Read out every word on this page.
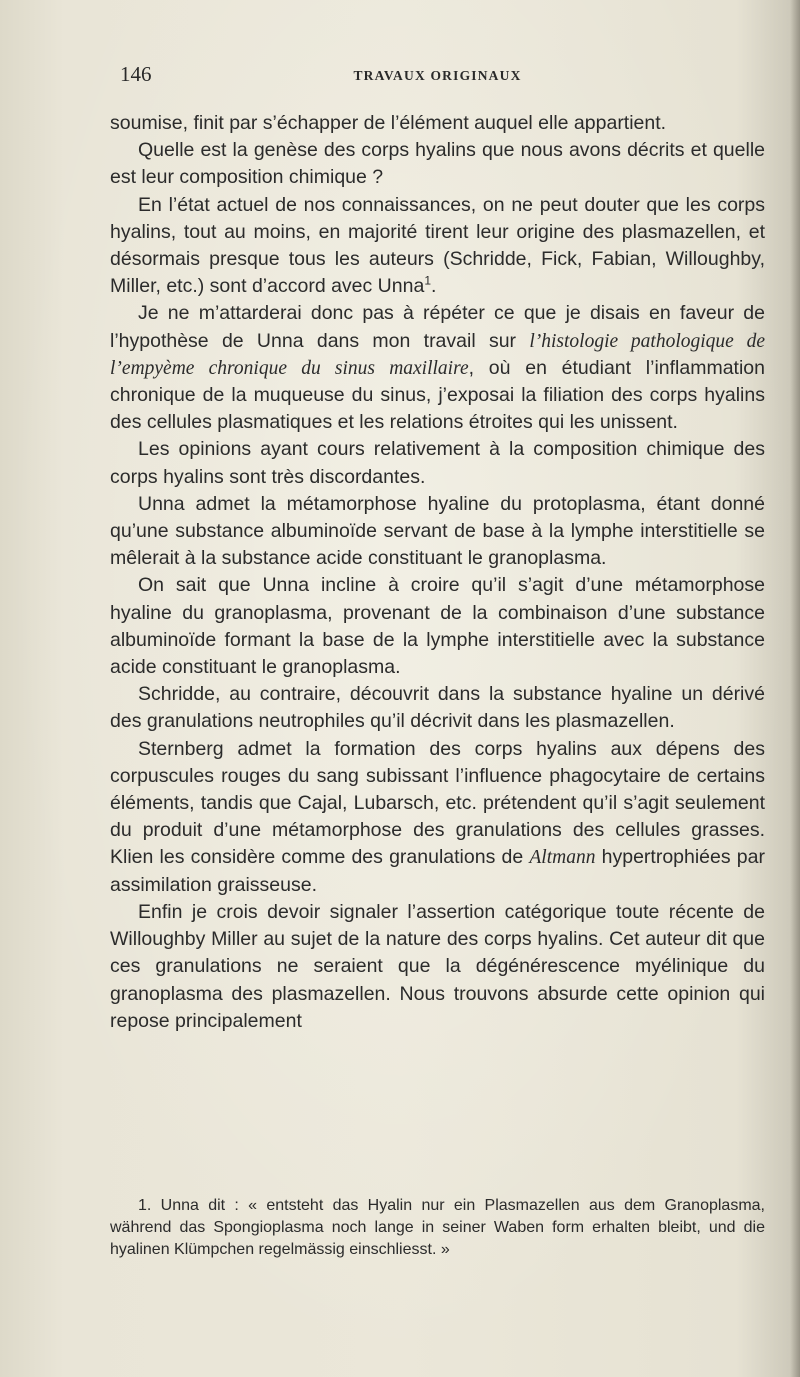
146	TRAVAUX ORIGINAUX

soumise, finit par s’échapper de l’élément auquel elle appartient.

Quelle est la genèse des corps hyalins que nous avons décrits et quelle est leur composition chimique ?

En l’état actuel de nos connaissances, on ne peut douter que les corps hyalins, tout au moins, en majorité tirent leur origine des plasmazellen, et désormais presque tous les auteurs (Schridde, Fick, Fabian, Willoughby, Miller, etc.) sont d’accord avec Unna$^1$.

Je ne m’attarderai donc pas à répéter ce que je disais en faveur de l’hypothèse de Unna dans mon travail sur l’histologie pathologique de l’empyème chronique du sinus maxillaire, où en étudiant l’inflammation chronique de la muqueuse du sinus, j’exposai la filiation des corps hyalins des cellules plasmatiques et les relations étroites qui les unissent.

Les opinions ayant cours relativement à la composition chimique des corps hyalins sont très discordantes.

Unna admet la métamorphose hyaline du protoplasma, étant donné qu’une substance albuminoïde servant de base à la lymphe interstitielle se mêlerait à la substance acide constituant le granoplasma.

On sait que Unna incline à croire qu’il s’agit d’une métamorphose hyaline du granoplasma, provenant de la combinaison d’une substance albuminoïde formant la base de la lymphe interstitielle avec la substance acide constituant le granoplasma.

Schridde, au contraire, découvrit dans la substance hyaline un dérivé des granulations neutrophiles qu’il décrivit dans les plasmazellen.

Sternberg admet la formation des corps hyalins aux dépens des corpuscules rouges du sang subissant l’influence phagocytaire de certains éléments, tandis que Cajal, Lubarsch, etc. prétendent qu’il s’agit seulement du produit d’une métamorphose des granulations des cellules grasses. Klien les considère comme des granulations de Altmann hypertrophiées par assimilation graisseuse.

Enfin je crois devoir signaler l’assertion catégorique toute récente de Willoughby Miller au sujet de la nature des corps hyalins. Cet auteur dit que ces granulations ne seraient que la dégénérescence myélinique du granoplasma des plasmazellen. Nous trouvons absurde cette opinion qui repose principalement

1. Unna dit : « entsteht das Hyalin nur ein Plasmazellen aus dem Granoplasma, während das Spongioplasma noch lange in seiner Waben form erhalten bleibt, und die hyalinen Klümpchen regelmässig einschliesst. »
